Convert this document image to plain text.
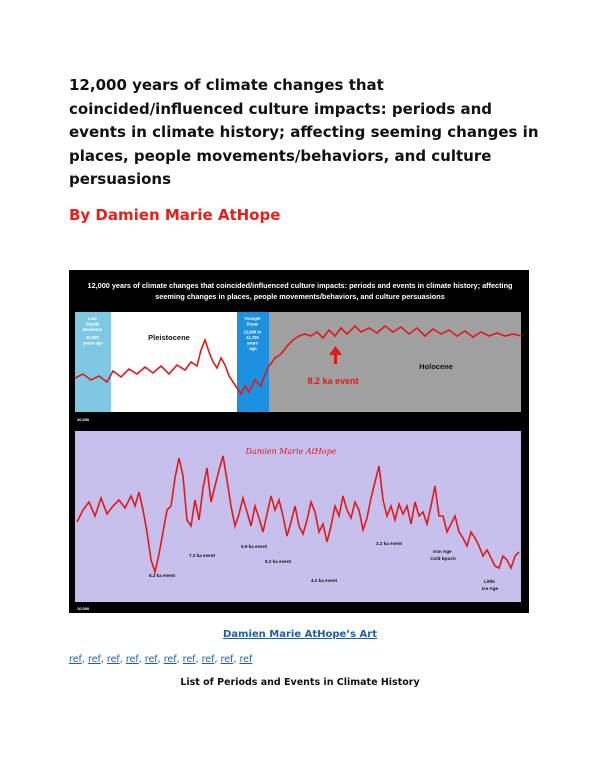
12,000 years of climate changes that coincided/influenced culture impacts: periods and events in climate history; affecting seeming changes in places, people movements/behaviors, and culture persuasions
By Damien Marie AtHope
Last Glacial Maximum 20,000 years ago
Pleistocene
Younger Dryas 12,900 to 11,700 years ago
Holocene
8.2 ka event
20,000
Damien Marie AtHope
8.2 ka event
7.2 ka event
5.9 ka event
5.2 ka event
4.2 ka event
3.2 ka event
Iron Age Cold Epoch
Little Ice Age
10,000
12,000 years of climate changes that coincided/influenced culture impacts: periods and events in climate history; affecting seeming changes in places, people movements/behaviors, and culture persuasions
Damien Marie AtHope’s Art
ref, ref, ref, ref, ref, ref, ref, ref, ref, ref
List of Periods and Events in Climate History
